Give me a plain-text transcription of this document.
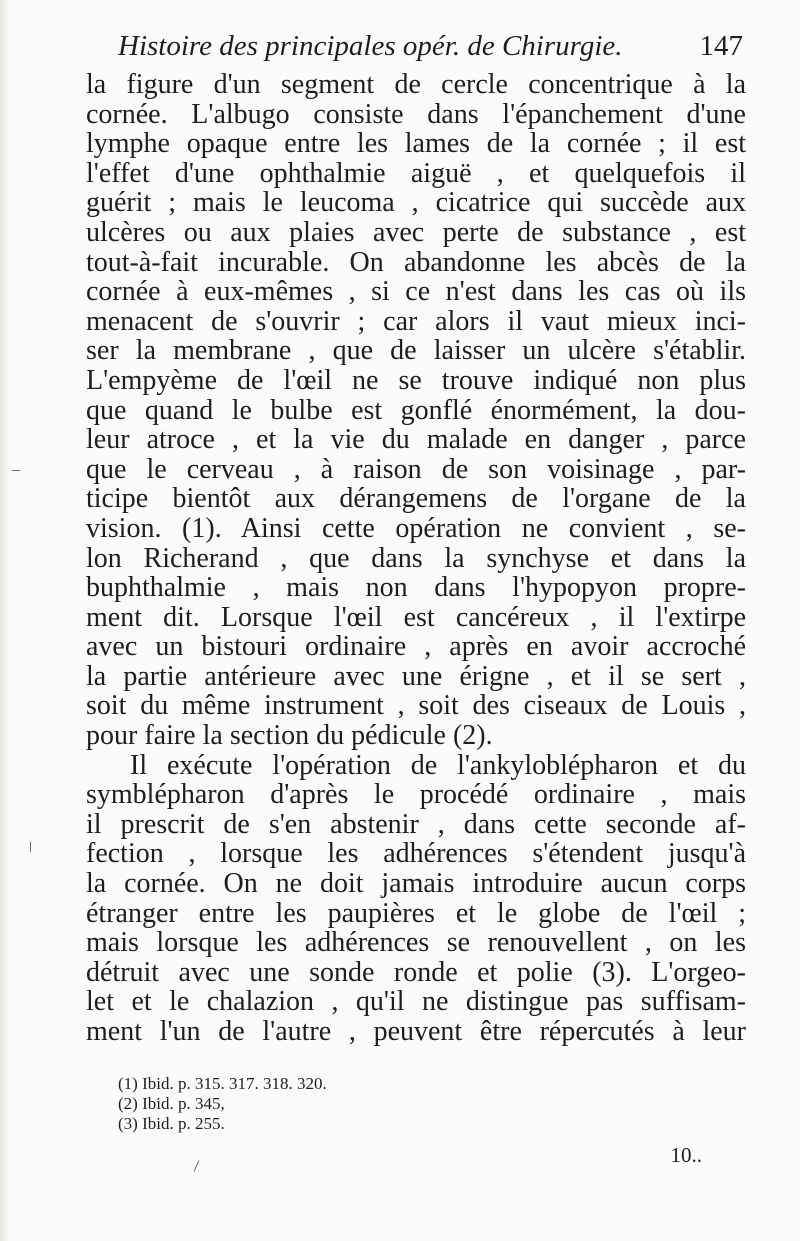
Histoire des principales opér. de Chirurgie.	147
la figure d'un segment de cercle concentrique à la
cornée. L'albugo consiste dans l'épanchement d'une
lymphe opaque entre les lames de la cornée ; il est
l'effet d'une ophthalmie aiguë , et quelquefois il
guérit ; mais le leucoma , cicatrice qui succède aux
ulcères ou aux plaies avec perte de substance , est
tout-à-fait incurable. On abandonne les abcès de la
cornée à eux-mêmes , si ce n'est dans les cas où ils
menacent de s'ouvrir ; car alors il vaut mieux inci-
ser la membrane , que de laisser un ulcère s'établir.
L'empyème de l'œil ne se trouve indiqué non plus
que quand le bulbe est gonflé énormément, la dou-
leur atroce , et la vie du malade en danger , parce
que le cerveau , à raison de son voisinage , par-
ticipe bientôt aux dérangemens de l'organe de la
vision. (1). Ainsi cette opération ne convient , se-
lon Richerand , que dans la synchyse et dans la
buphthalmie , mais non dans l'hypopyon propre-
ment dit. Lorsque l'œil est cancéreux , il l'extirpe
avec un bistouri ordinaire , après en avoir accroché
la partie antérieure avec une érigne , et il se sert ,
soit du même instrument , soit des ciseaux de Louis ,
pour faire la section du pédicule (2).
Il exécute l'opération de l'ankyloblépharon et du
symblépharon d'après le procédé ordinaire , mais
il prescrit de s'en abstenir , dans cette seconde af-
fection , lorsque les adhérences s'étendent jusqu'à
la cornée. On ne doit jamais introduire aucun corps
étranger entre les paupières et le globe de l'œil ;
mais lorsque les adhérences se renouvellent , on les
détruit avec une sonde ronde et polie (3). L'orgeo-
let et le chalazion , qu'il ne distingue pas suffisam-
ment l'un de l'autre , peuvent être répercutés à leur
(1) Ibid. p. 315. 317. 318. 320.
(2) Ibid. p. 345,
(3) Ibid. p. 255.
10..
